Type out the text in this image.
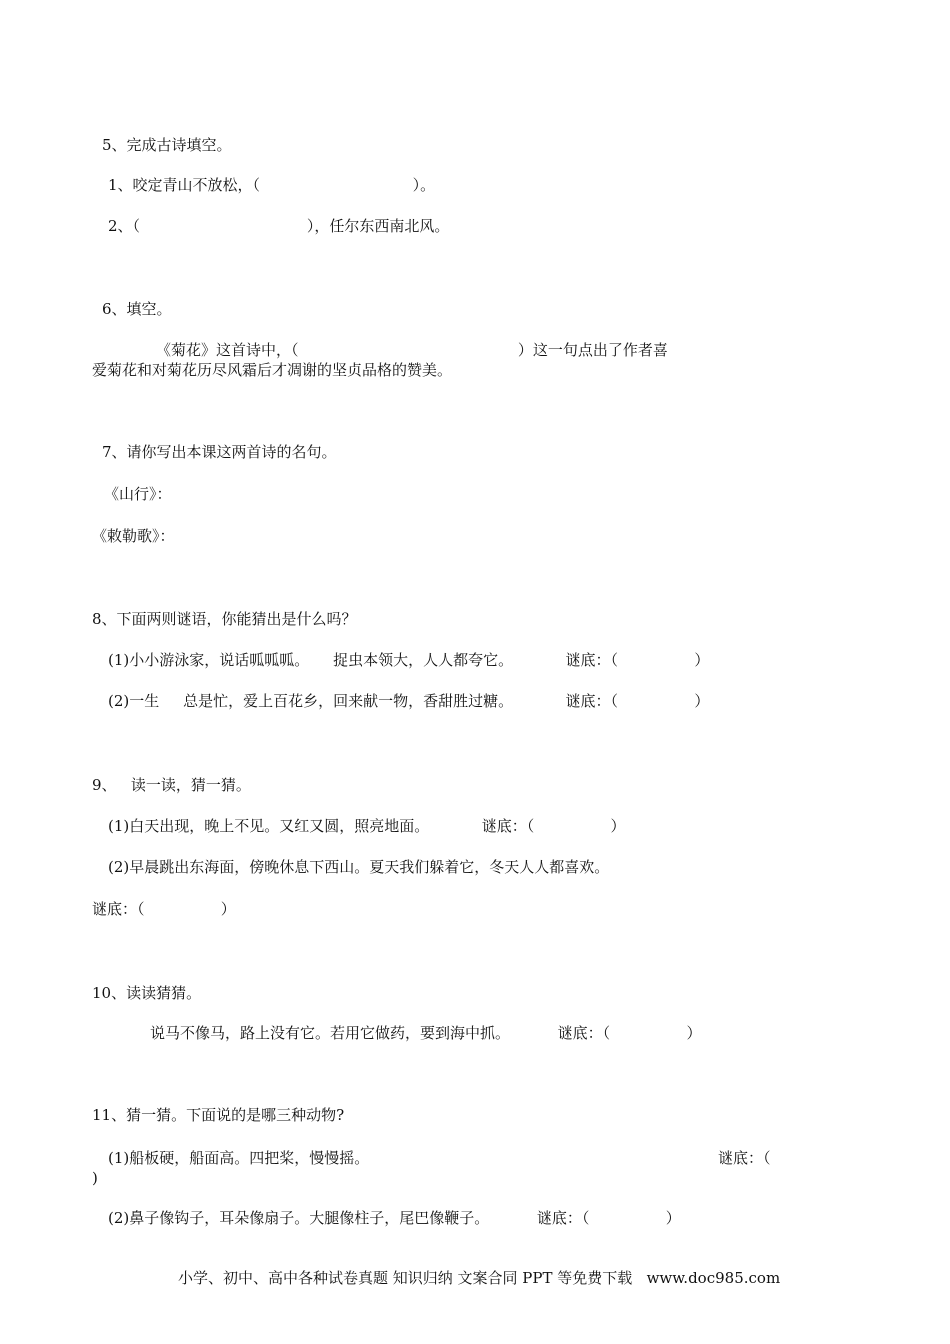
5、完成古诗填空。
1、咬定青山不放松，（                                ）。
2、（                                   ），任尔东西南北风。
6、填空。
《菊花》这首诗中，（                                              ）这一句点出了作者喜
爱菊花和对菊花历尽风霜后才凋谢的坚贞品格的赞美。
7、请你写出本课这两首诗的名句。
《山行》：
《敕勒歌》：
8、下面两则谜语，你能猜出是什么吗？
(1)小小游泳家，说话呱呱呱。     捉虫本领大，人人都夸它。           谜底：（                ）
(2)一生     总是忙，爱上百花乡，回来献一物，香甜胜过糖。           谜底：（                ）
9、   读一读，猜一猜。
(1)白天出现，晚上不见。又红又圆，照亮地面。           谜底：（                ）
(2)早晨跳出东海面，傍晚休息下西山。夏天我们躲着它，冬天人人都喜欢。
谜底：（                ）
10、读读猜猜。
说马不像马，路上没有它。若用它做药，要到海中抓。          谜底：（                ）
11、猜一猜。下面说的是哪三种动物?
(1)船板硬，船面高。四把桨，慢慢摇。	谜底：（
)
(2)鼻子像钩子，耳朵像扇子。大腿像柱子，尾巴像鞭子。          谜底：（                ）
小学、初中、高中各种试卷真题 知识归纳 文案合同 PPT 等免费下载   www.doc985.com
